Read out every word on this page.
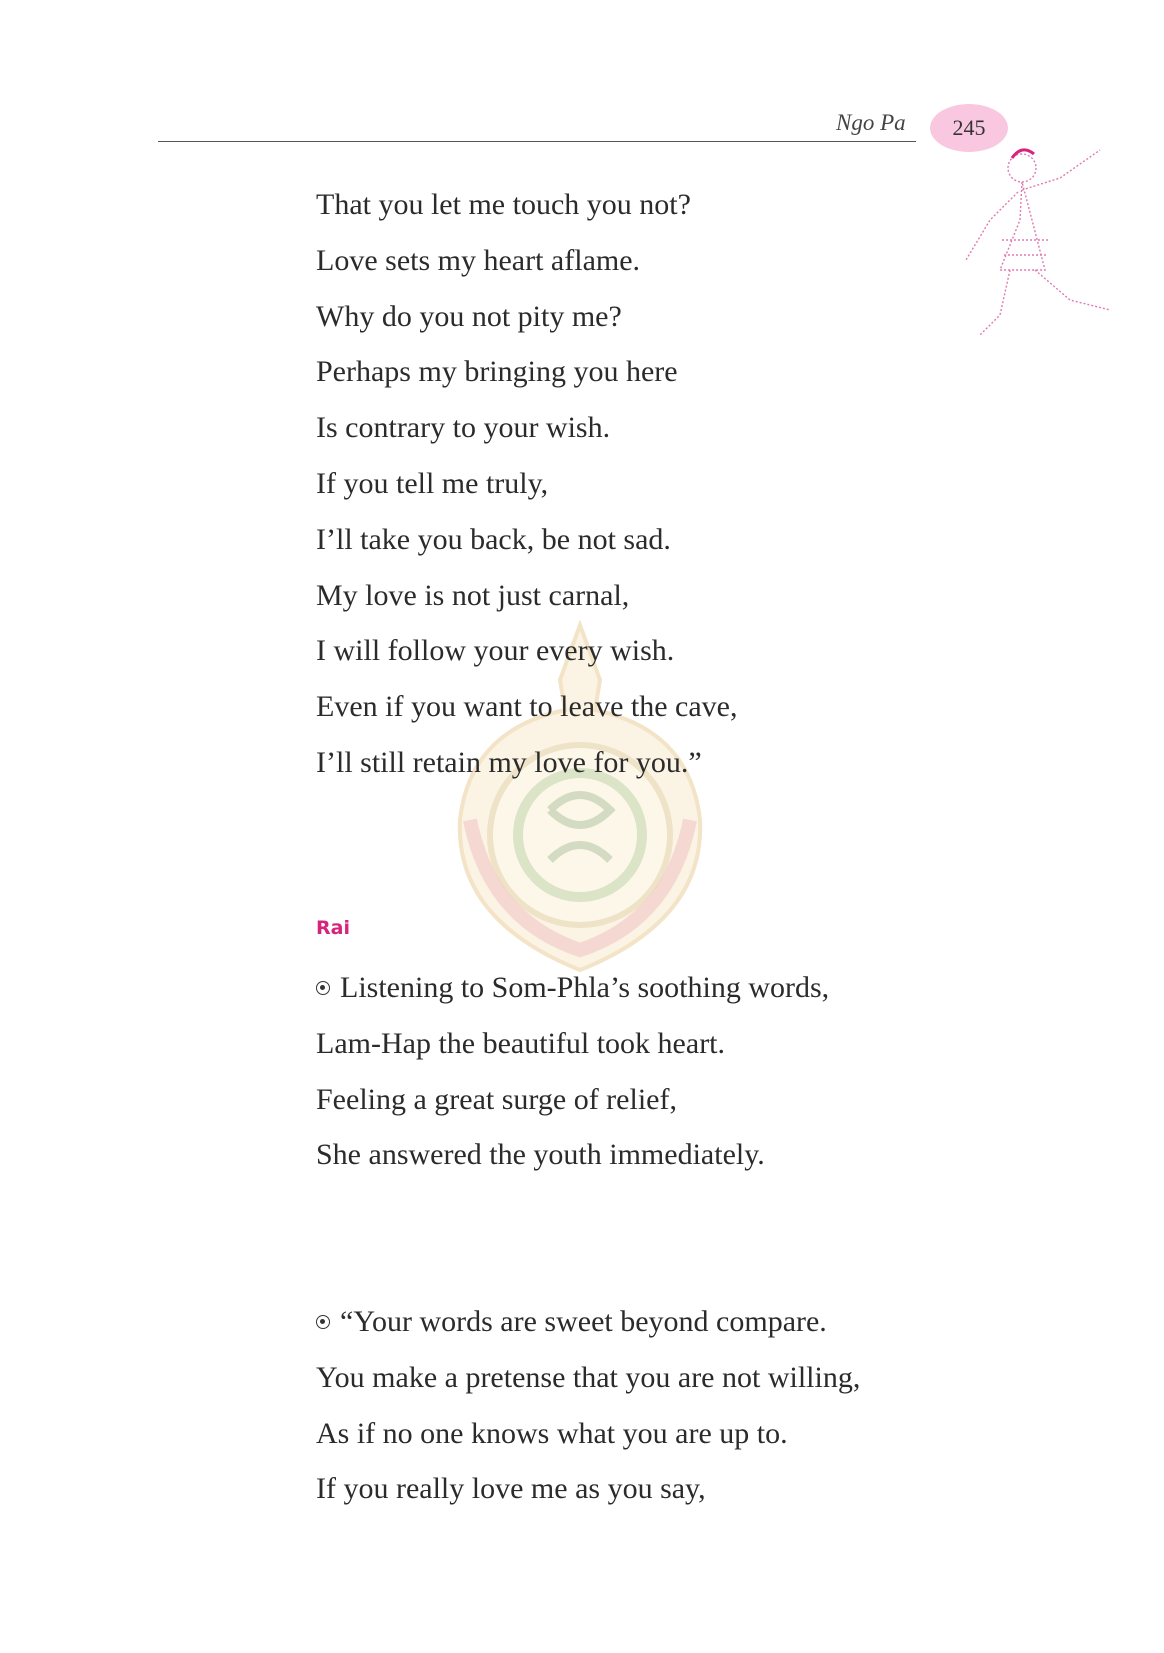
Ngo Pa 245
That you let me touch you not?
Love sets my heart aflame.
Why do you not pity me?
Perhaps my bringing you here
Is contrary to your wish.
If you tell me truly,
I’ll take you back, be not sad.
My love is not just carnal,
I will follow your every wish.
Even if you want to leave the cave,
I’ll still retain my love for you.”
Rai
Listening to Som-Phla’s soothing words,
Lam-Hap the beautiful took heart.
Feeling a great surge of relief,
She answered the youth immediately.
“Your words are sweet beyond compare.
You make a pretense that you are not willing,
As if no one knows what you are up to.
If you really love me as you say,
